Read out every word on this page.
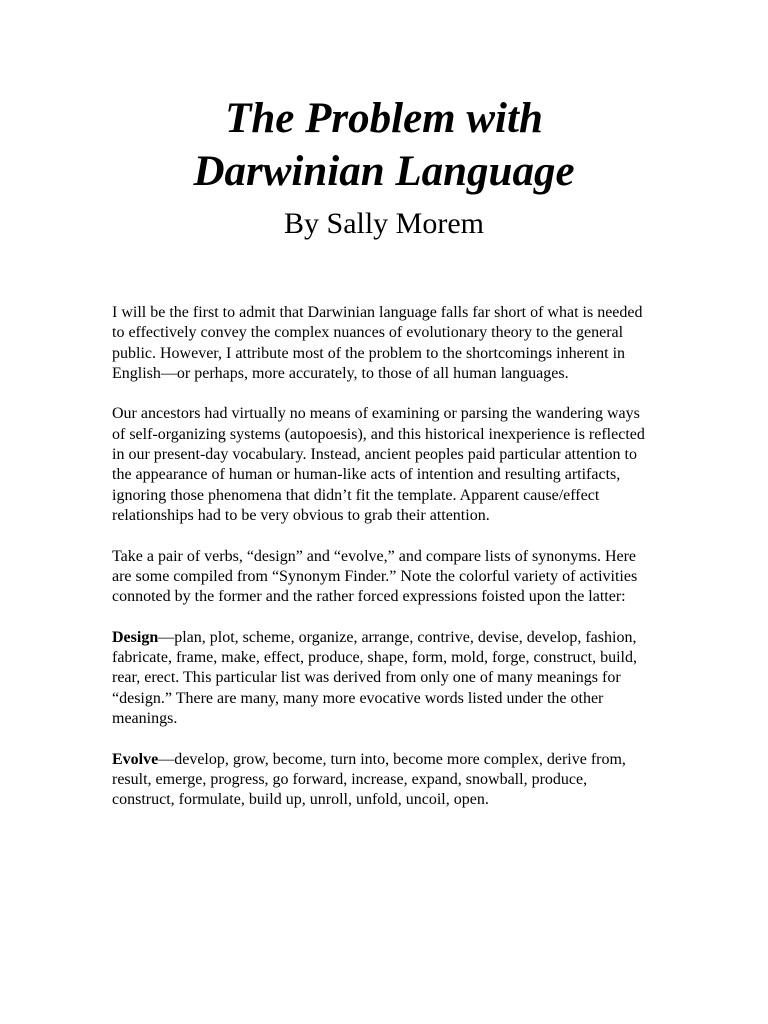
The Problem with
Darwinian Language

By Sally Morem

I will be the first to admit that Darwinian language falls far short of what is needed to effectively convey the complex nuances of evolutionary theory to the general public. However, I attribute most of the problem to the shortcomings inherent in English—or perhaps, more accurately, to those of all human languages.

Our ancestors had virtually no means of examining or parsing the wandering ways of self-organizing systems (autopoesis), and this historical inexperience is reflected in our present-day vocabulary. Instead, ancient peoples paid particular attention to the appearance of human or human-like acts of intention and resulting artifacts, ignoring those phenomena that didn’t fit the template. Apparent cause/effect relationships had to be very obvious to grab their attention.

Take a pair of verbs, “design” and “evolve,” and compare lists of synonyms. Here are some compiled from “Synonym Finder.” Note the colorful variety of activities connoted by the former and the rather forced expressions foisted upon the latter:

Design—plan, plot, scheme, organize, arrange, contrive, devise, develop, fashion, fabricate, frame, make, effect, produce, shape, form, mold, forge, construct, build, rear, erect. This particular list was derived from only one of many meanings for “design.” There are many, many more evocative words listed under the other meanings.

Evolve—develop, grow, become, turn into, become more complex, derive from, result, emerge, progress, go forward, increase, expand, snowball, produce, construct, formulate, build up, unroll, unfold, uncoil, open.
